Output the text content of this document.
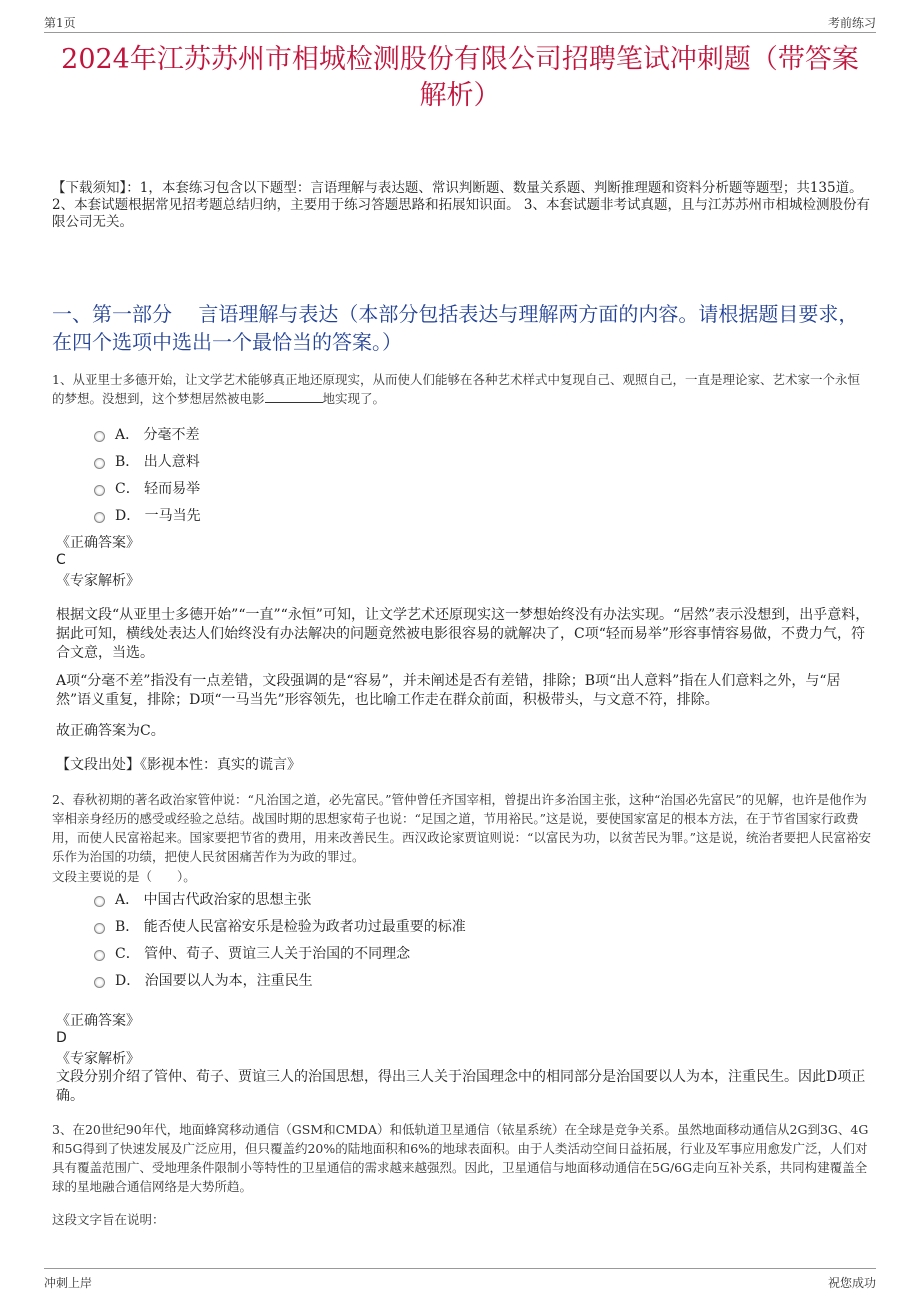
第1页	考前练习
2024年江苏苏州市相城检测股份有限公司招聘笔试冲刺题（带答案解析）
【下载须知】：1，本套练习包含以下题型：言语理解与表达题、常识判断题、数量关系题、判断推理题和资料分析题等题型；共135道。 2、本套试题根据常见招考题总结归纳，主要用于练习答题思路和拓展知识面。 3、本套试题非考试真题，且与江苏苏州市相城检测股份有限公司无关。
一、第一部分　 言语理解与表达（本部分包括表达与理解两方面的内容。请根据题目要求，在四个选项中选出一个最恰当的答案。）
1、从亚里士多德开始，让文学艺术能够真正地还原现实，从而使人们能够在各种艺术样式中复现自己、观照自己，一直是理论家、艺术家一个永恒的梦想。没想到，这个梦想居然被电影	地实现了。
A． 分毫不差
B． 出人意料
C． 轻而易举
D． 一马当先
《正确答案》
C
《专家解析》
根据文段“从亚里士多德开始”“一直”“永恒”可知，让文学艺术还原现实这一梦想始终没有办法实现。“居然”表示没想到，出乎意料，据此可知，横线处表达人们始终没有办法解决的问题竟然被电影很容易的就解决了，C项“轻而易举”形容事情容易做，不费力气，符合文意，当选。
A项“分毫不差”指没有一点差错，文段强调的是“容易”，并未阐述是否有差错，排除；B项“出人意料”指在人们意料之外，与“居然”语义重复，排除；D项“一马当先”形容领先，也比喻工作走在群众前面，积极带头，与文意不符，排除。
故正确答案为C。
【文段出处】《影视本性：真实的谎言》
2、春秋初期的著名政治家管仲说：“凡治国之道，必先富民。”管仲曾任齐国宰相，曾提出许多治国主张，这种“治国必先富民”的见解，也许是他作为宰相亲身经历的感受或经验之总结。战国时期的思想家荀子也说：“足国之道，节用裕民。”这是说，要使国家富足的根本方法，在于节省国家行政费用，而使人民富裕起来。国家要把节省的费用，用来改善民生。西汉政论家贾谊则说：“以富民为功，以贫苦民为罪。”这是说，统治者要把人民富裕安乐作为治国的功绩，把使人民贫困痛苦作为为政的罪过。
文段主要说的是（　　）。
A． 中国古代政治家的思想主张
B． 能否使人民富裕安乐是检验为政者功过最重要的标准
C． 管仲、荀子、贾谊三人关于治国的不同理念
D． 治国要以人为本，注重民生
《正确答案》
D
《专家解析》
文段分别介绍了管仲、荀子、贾谊三人的治国思想，得出三人关于治国理念中的相同部分是治国要以人为本，注重民生。因此D项正确。
3、在20世纪90年代，地面蜂窝移动通信（GSM和CMDA）和低轨道卫星通信（铱星系统）在全球是竞争关系。虽然地面移动通信从2G到3G、4G和5G得到了快速发展及广泛应用，但只覆盖约20%的陆地面积和6%的地球表面积。由于人类活动空间日益拓展，行业及军事应用愈发广泛，人们对具有覆盖范围广、受地理条件限制小等特性的卫星通信的需求越来越强烈。因此，卫星通信与地面移动通信在5G/6G走向互补关系，共同构建覆盖全球的星地融合通信网络是大势所趋。
这段文字旨在说明：
冲刺上岸	祝您成功
